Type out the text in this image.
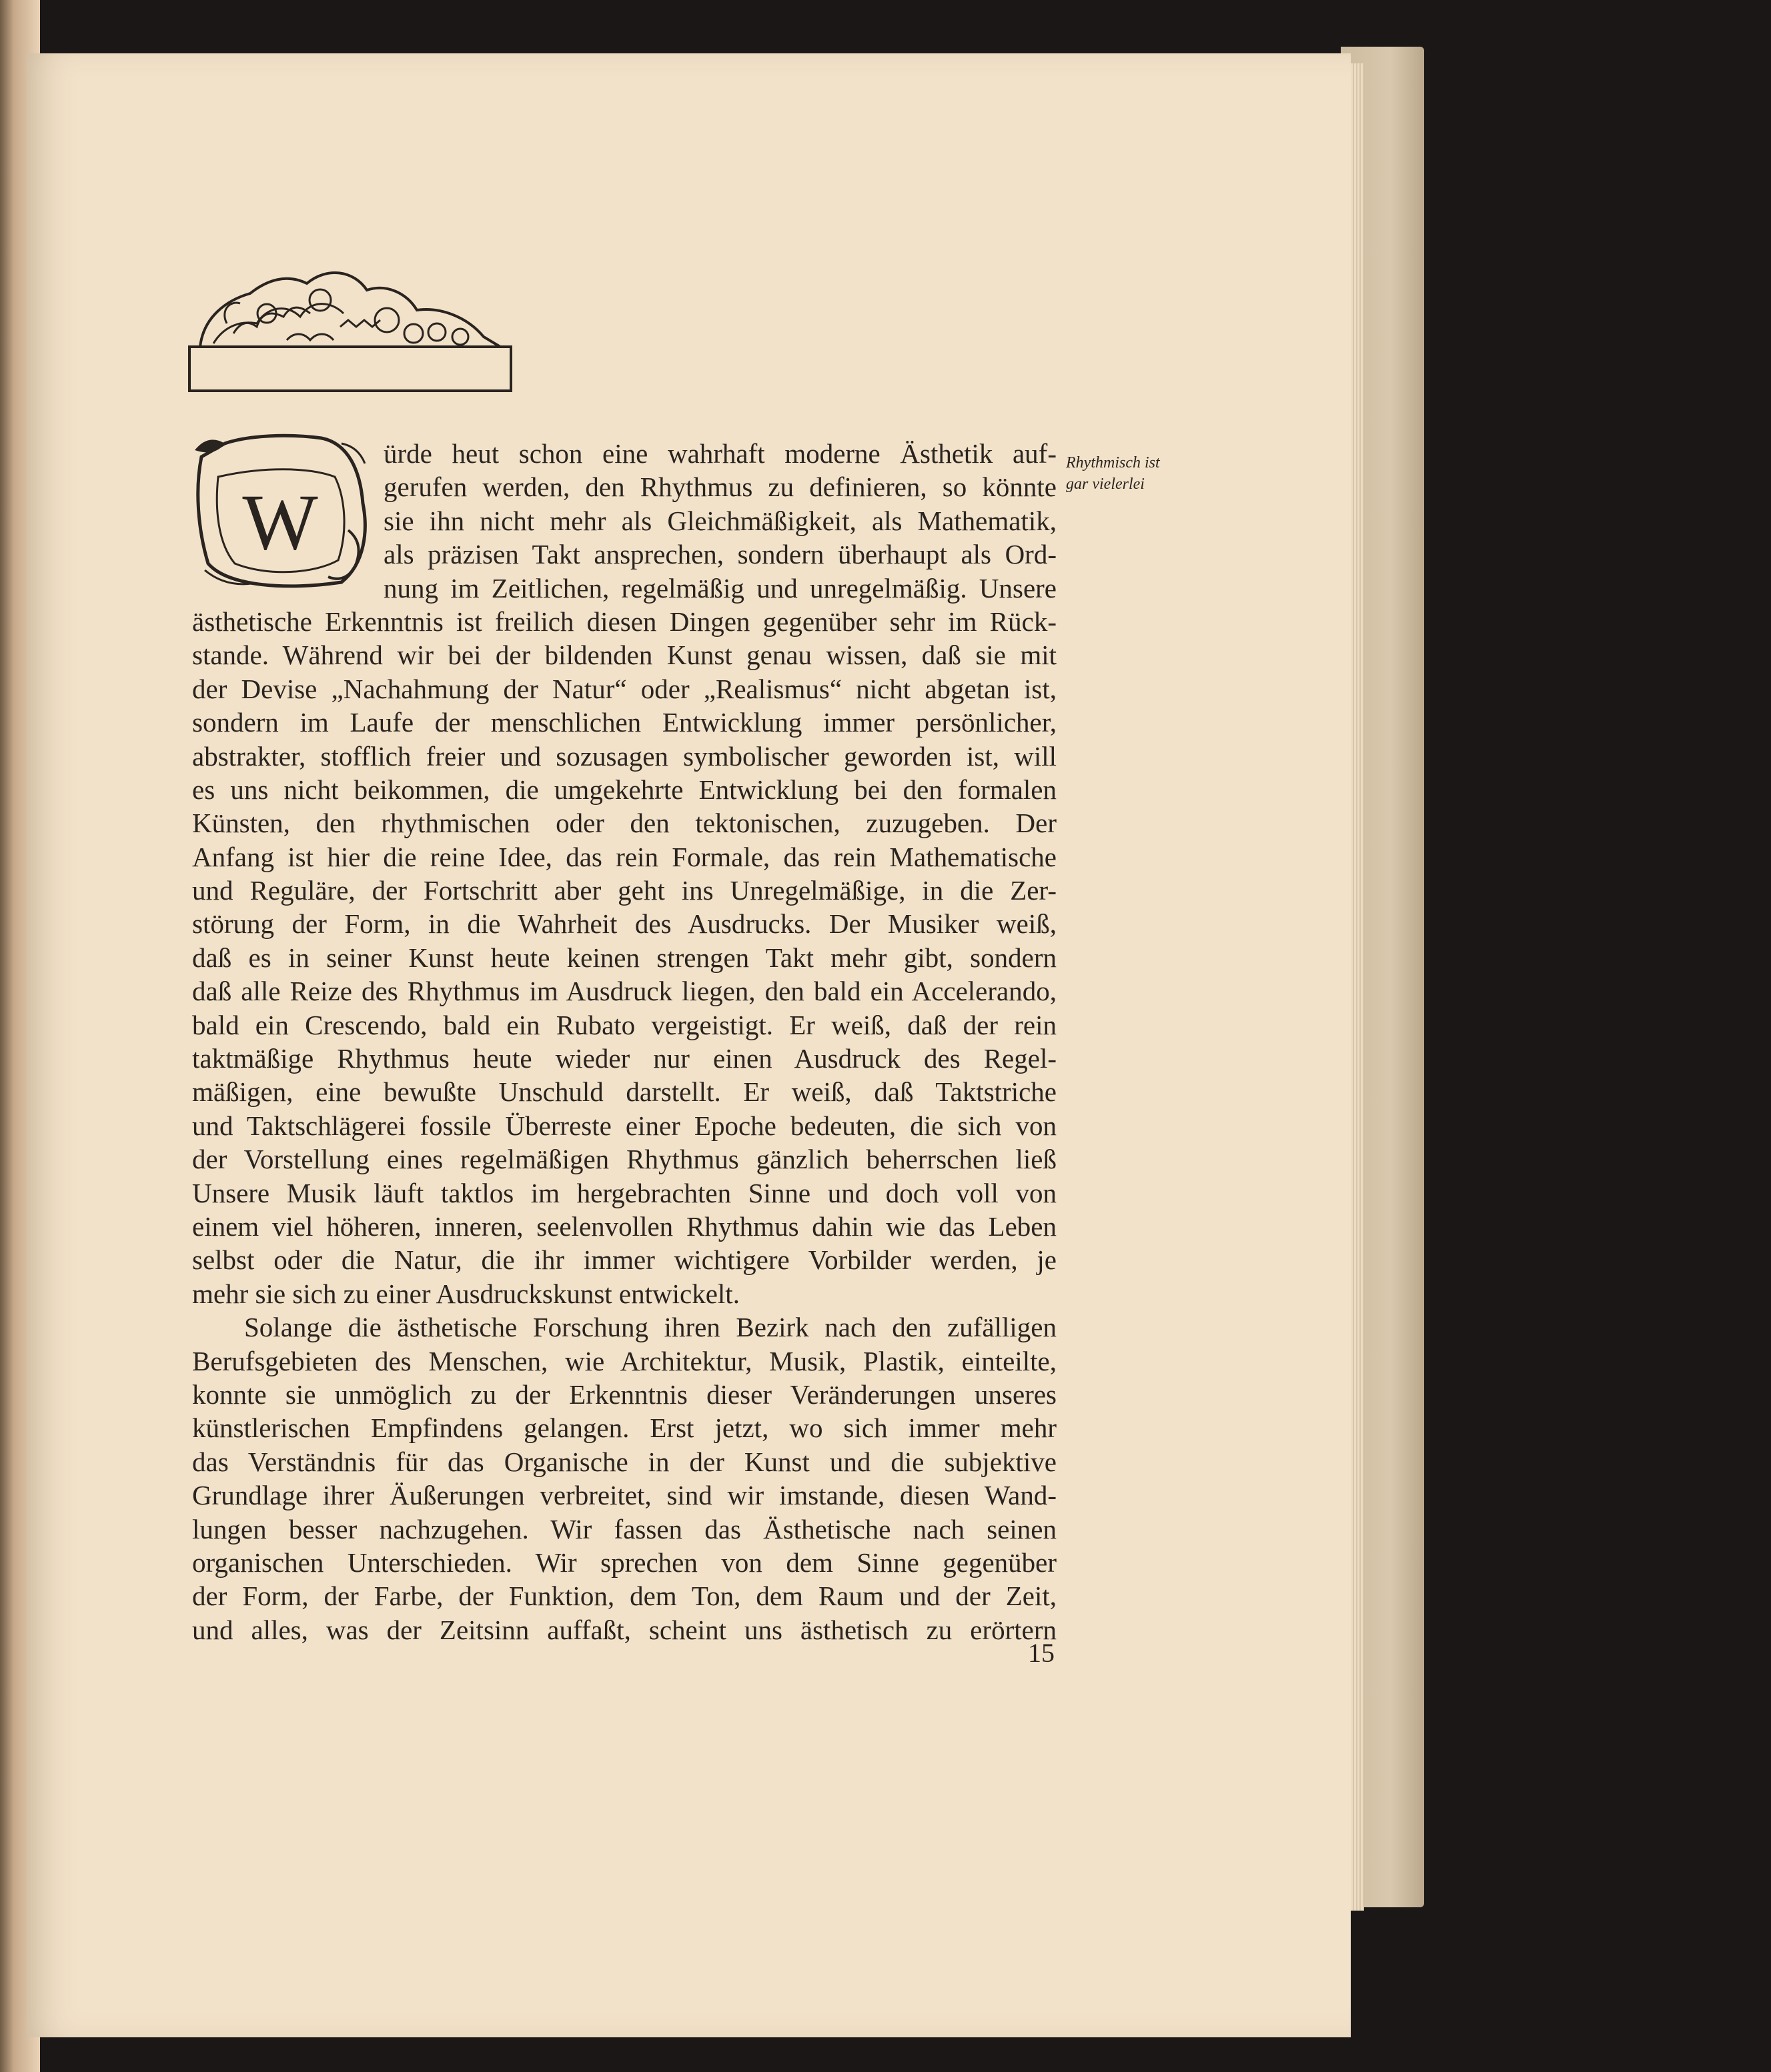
W

ürde heut schon eine wahrhaft moderne Ästhetik auf-
gerufen werden, den Rhythmus zu definieren, so könnte
sie ihn nicht mehr als Gleichmäßigkeit, als Mathematik,
als präzisen Takt ansprechen, sondern überhaupt als Ord-
nung im Zeitlichen, regelmäßig und unregelmäßig. Unsere
ästhetische Erkenntnis ist freilich diesen Dingen gegenüber sehr im Rück-
stande. Während wir bei der bildenden Kunst genau wissen, daß sie mit
der Devise „Nachahmung der Natur“ oder „Realismus“ nicht abgetan ist,
sondern im Laufe der menschlichen Entwicklung immer persönlicher,
abstrakter, stofflich freier und sozusagen symbolischer geworden ist, will
es uns nicht beikommen, die umgekehrte Entwicklung bei den formalen
Künsten, den rhythmischen oder den tektonischen, zuzugeben. Der
Anfang ist hier die reine Idee, das rein Formale, das rein Mathematische
und Reguläre, der Fortschritt aber geht ins Unregelmäßige, in die Zer-
störung der Form, in die Wahrheit des Ausdrucks. Der Musiker weiß,
daß es in seiner Kunst heute keinen strengen Takt mehr gibt, sondern
daß alle Reize des Rhythmus im Ausdruck liegen, den bald ein Accelerando,
bald ein Crescendo, bald ein Rubato vergeistigt. Er weiß, daß der rein
taktmäßige Rhythmus heute wieder nur einen Ausdruck des Regel-
mäßigen, eine bewußte Unschuld darstellt. Er weiß, daß Taktstriche
und Taktschlägerei fossile Überreste einer Epoche bedeuten, die sich von
der Vorstellung eines regelmäßigen Rhythmus gänzlich beherrschen ließ
Unsere Musik läuft taktlos im hergebrachten Sinne und doch voll von
einem viel höheren, inneren, seelenvollen Rhythmus dahin wie das Leben
selbst oder die Natur, die ihr immer wichtigere Vorbilder werden, je
mehr sie sich zu einer Ausdruckskunst entwickelt.

Solange die ästhetische Forschung ihren Bezirk nach den zufälligen
Berufsgebieten des Menschen, wie Architektur, Musik, Plastik, einteilte,
konnte sie unmöglich zu der Erkenntnis dieser Veränderungen unseres
künstlerischen Empfindens gelangen. Erst jetzt, wo sich immer mehr
das Verständnis für das Organische in der Kunst und die subjektive
Grundlage ihrer Äußerungen verbreitet, sind wir imstande, diesen Wand-
lungen besser nachzugehen. Wir fassen das Ästhetische nach seinen
organischen Unterschieden. Wir sprechen von dem Sinne gegenüber
der Form, der Farbe, der Funktion, dem Ton, dem Raum und der Zeit,
und alles, was der Zeitsinn auffaßt, scheint uns ästhetisch zu erörtern

Rhythmisch ist
gar vielerlei
15
